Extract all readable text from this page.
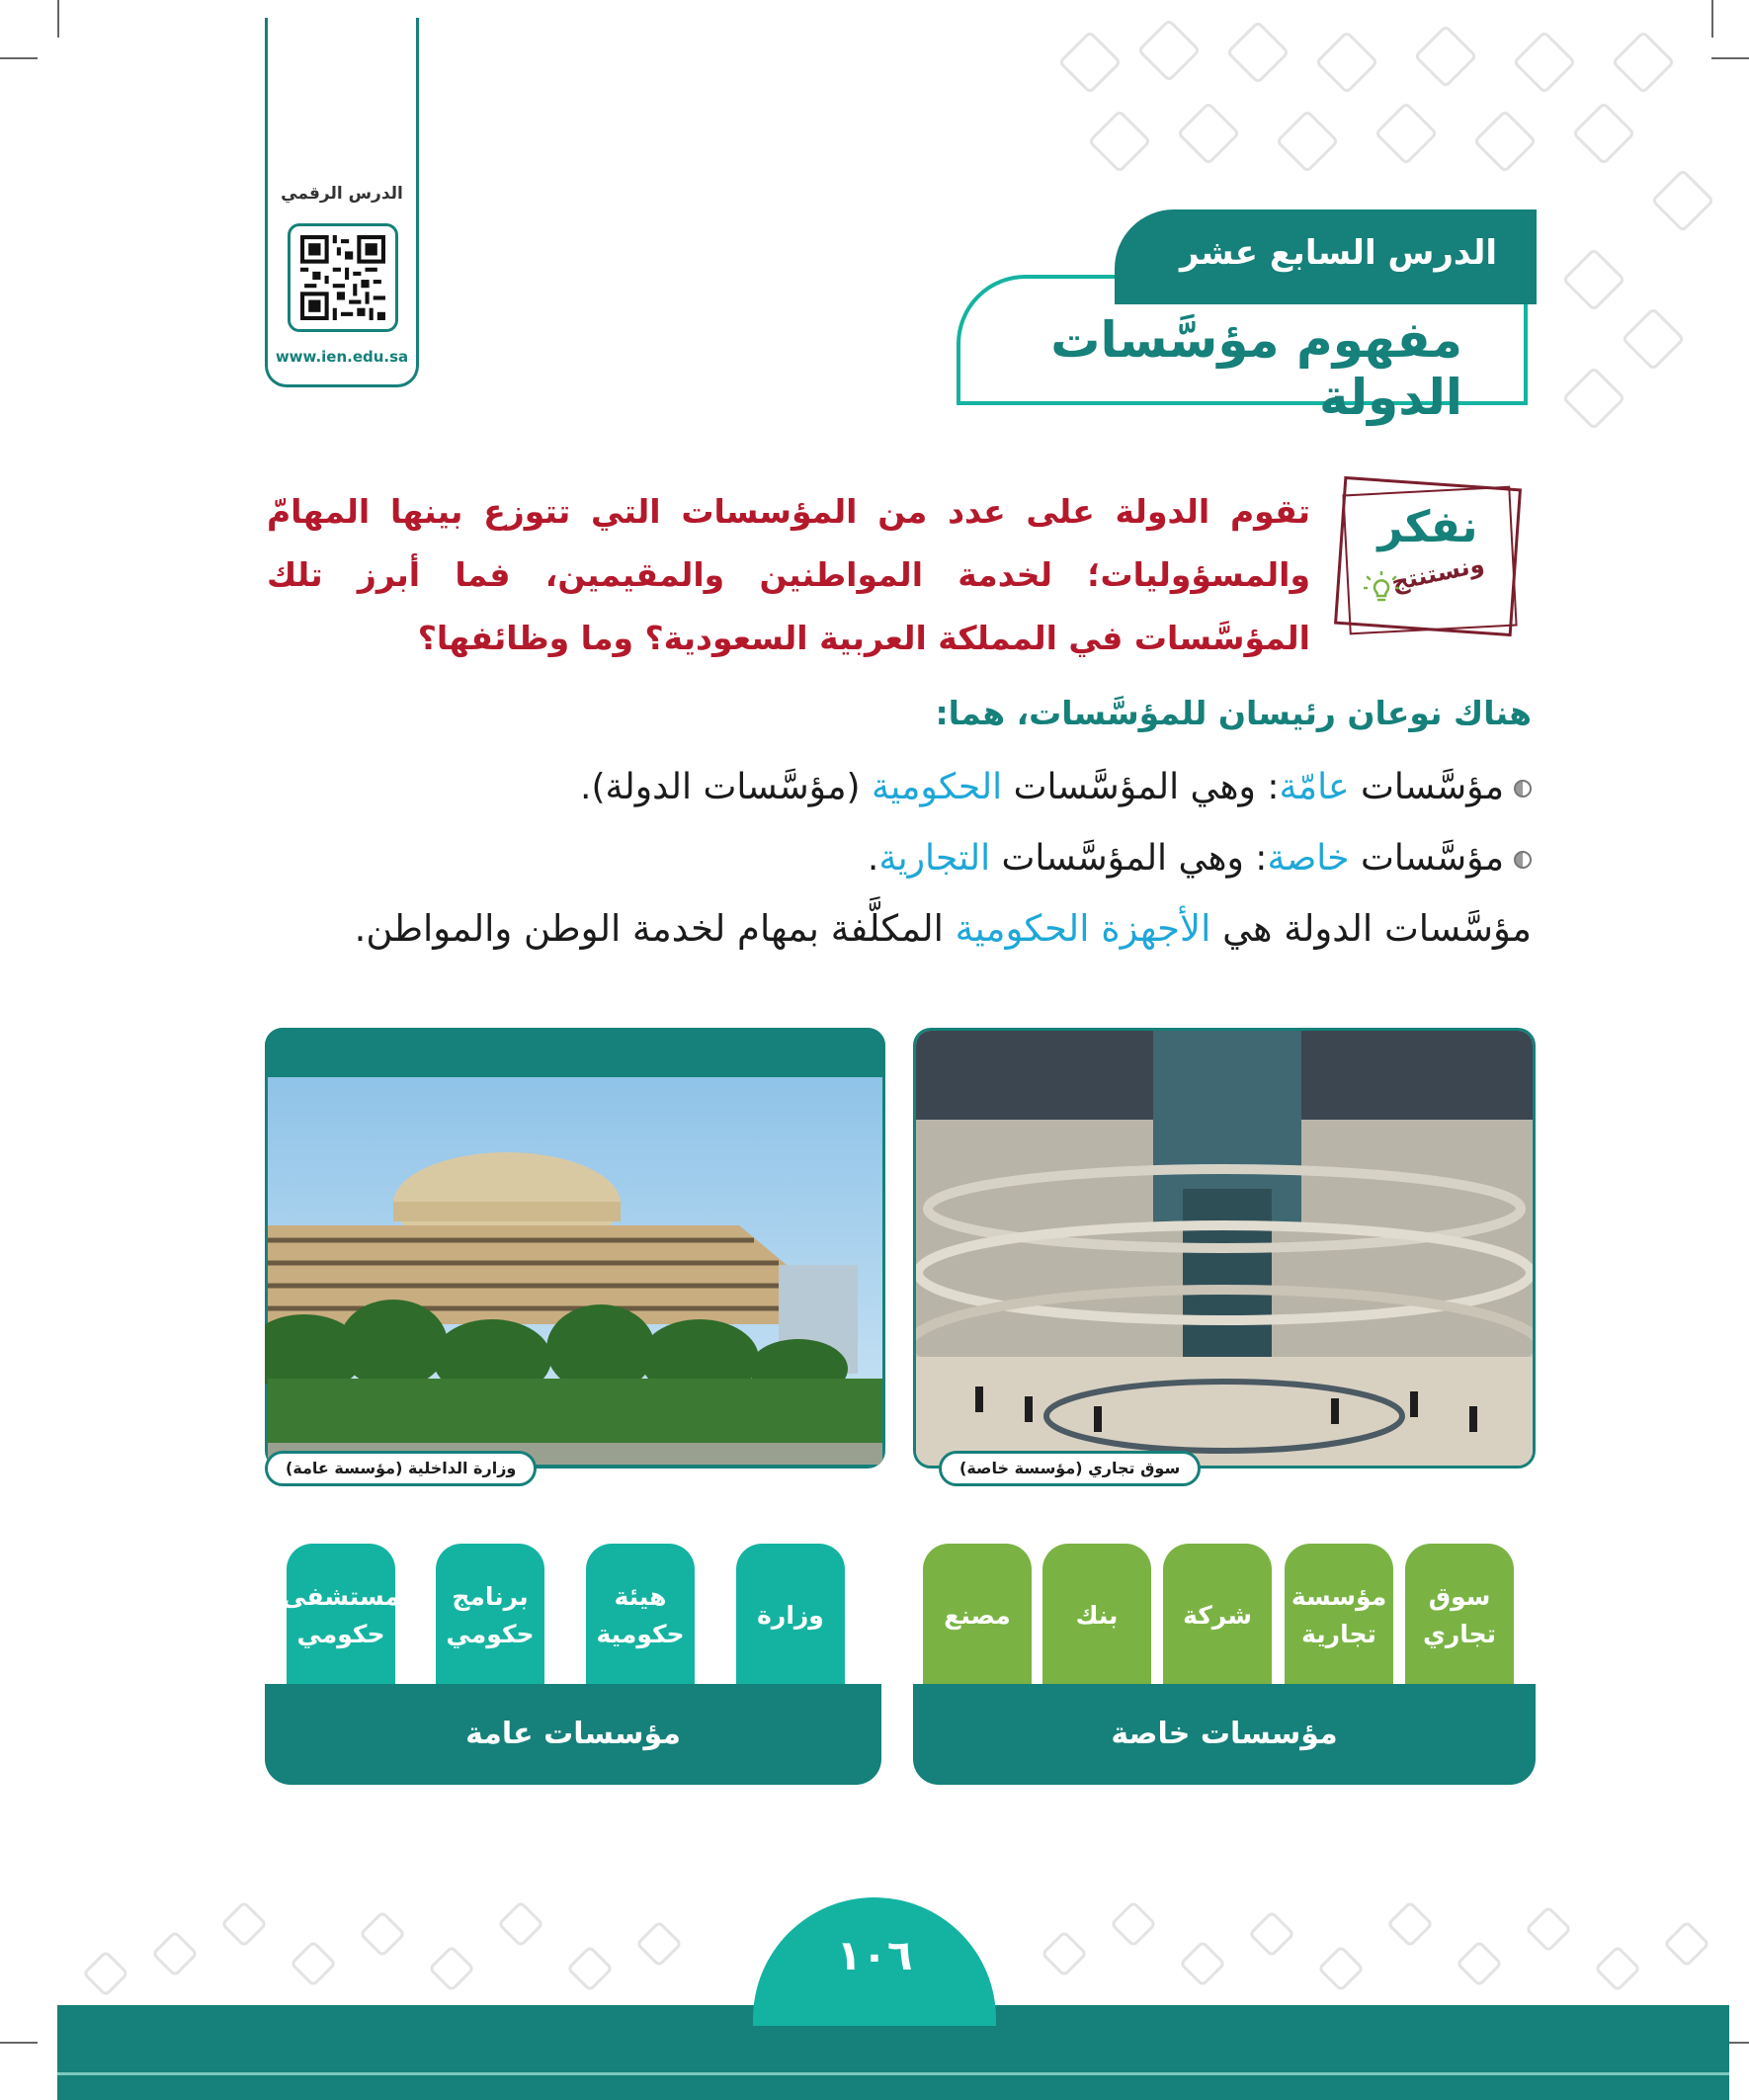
الدرس الرقمي
www.ien.edu.sa
الدرس السابع عشر
مفهوم مؤسَّسات الدولة
نفكر
ونستنتج
تقوم الدولة على عدد من المؤسسات التي تتوزع بينها المهامّ والمسؤوليات؛ لخدمة المواطنين والمقيمين، فما أبرز تلك المؤسَّسات في المملكة العربية السعودية؟ وما وظائفها؟
هناك نوعان رئيسان للمؤسَّسات، هما:
مؤسَّسات عامّة: وهي المؤسَّسات الحكومية (مؤسَّسات الدولة).
مؤسَّسات خاصة: وهي المؤسَّسات التجارية.
مؤسَّسات الدولة هي الأجهزة الحكومية المكلَّفة بمهام لخدمة الوطن والمواطن.
وزارة الداخلية (مؤسسة عامة)	سوق تجاري (مؤسسة خاصة)
مستشفى
حكومي
برنامج
حكومي
هيئة
حكومية
وزارة
مؤسسات عامة
مصنع	بنك	شركة
مؤسسة
تجارية
سوق
تجاري
مؤسسات خاصة
١٠٦
